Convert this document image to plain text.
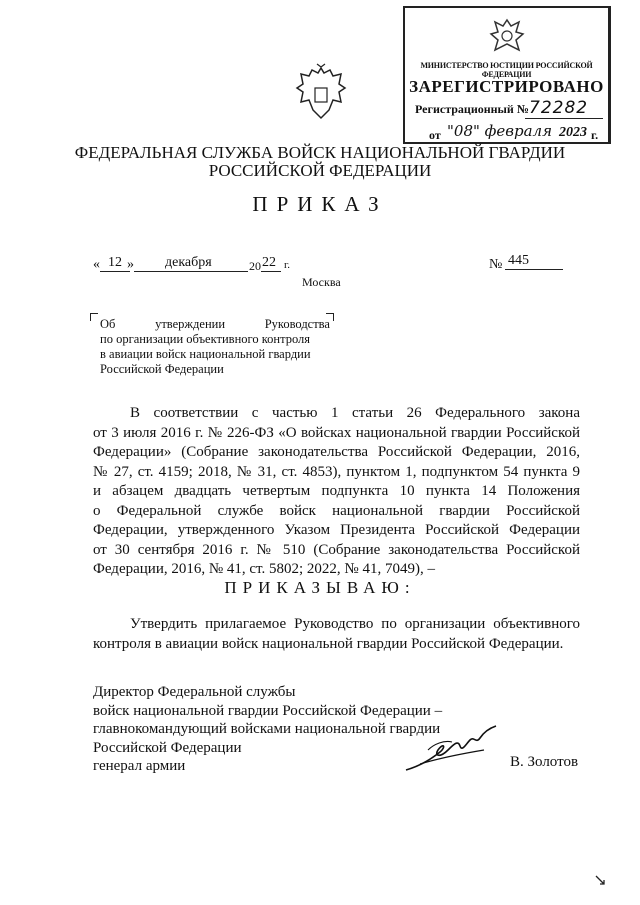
МИНИСТЕРСТВО ЮСТИЦИИ РОССИЙСКОЙ ФЕДЕРАЦИИ
ЗАРЕГИСТРИРОВАНО
Регистрационный № 72282
от "08" февраля 2023 г.
ФЕДЕРАЛЬНАЯ СЛУЖБА ВОЙСК НАЦИОНАЛЬНОЙ ГВАРДИИ
РОССИЙСКОЙ ФЕДЕРАЦИИ
ПРИКАЗ
« 12 » декабря	20 22 г.	№ 445
Москва
Об	утверждении	Руководства
по организации объективного контроля
в авиации войск национальной гвардии
Российской Федерации
В соответствии с частью 1 статьи 26 Федерального закона
от 3 июля 2016 г. № 226-ФЗ «О войсках национальной гвардии Российской
Федерации» (Собрание законодательства Российской Федерации, 2016,
№ 27, ст. 4159; 2018, № 31, ст. 4853), пунктом 1, подпунктом 54 пункта 9
и абзацем двадцать четвертым подпункта 10 пункта 14 Положения
о Федеральной службе войск национальной гвардии Российской
Федерации, утвержденного Указом Президента Российской Федерации
от 30 сентября 2016 г. № 510 (Собрание законодательства Российской
Федерации, 2016, № 41, ст. 5802; 2022, № 41, 7049), –
ПРИКАЗЫВАЮ:
Утвердить прилагаемое Руководство по организации объективного
контроля в авиации войск национальной гвардии Российской Федерации.
Директор Федеральной службы
войск национальной гвардии Российской Федерации –
главнокомандующий войсками национальной гвардии
Российской Федерации
генерал армии	В. Золотов
